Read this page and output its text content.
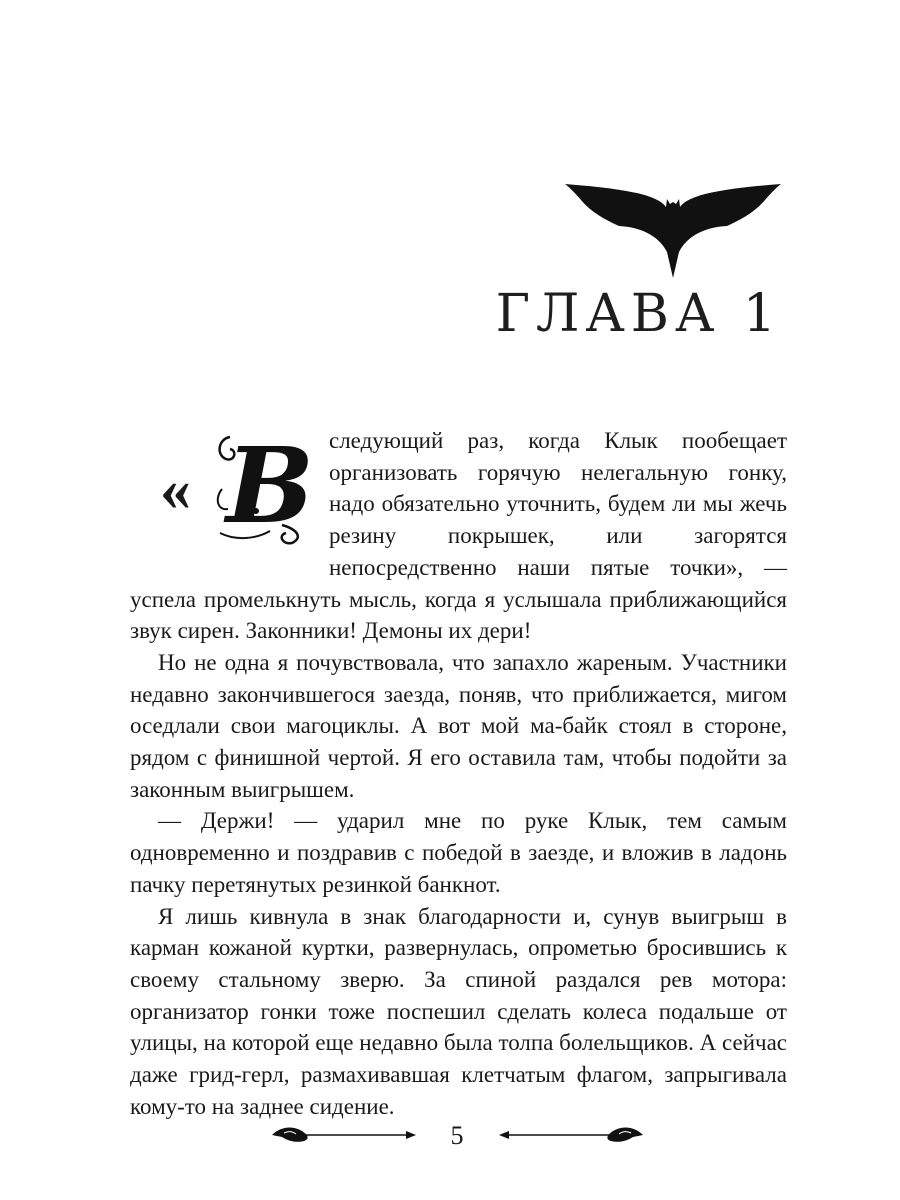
ГЛАВА 1

« В следующий раз, когда Клык пообещает организовать горячую нелегальную гонку, надо обязательно уточнить, будем ли мы жечь резину покрышек, или загорятся непосредственно наши пятые точки», — успела промелькнуть мысль, когда я услышала приближающийся звук сирен. Законники! Демоны их дери!

Но не одна я почувствовала, что запахло жареным. Участники недавно закончившегося заезда, поняв, что приближается, мигом оседлали свои магоциклы. А вот мой ма-байк стоял в стороне, рядом с финишной чертой. Я его оставила там, чтобы подойти за законным выигрышем.

— Держи! — ударил мне по руке Клык, тем самым одновременно и поздравив с победой в заезде, и вложив в ладонь пачку перетянутых резинкой банкнот.

Я лишь кивнула в знак благодарности и, сунув выигрыш в карман кожаной куртки, развернулась, опрометью бросившись к своему стальному зверю. За спиной раздался рев мотора: организатор гонки тоже поспешил сделать колеса подальше от улицы, на которой еще недавно была толпа болельщиков. А сейчас даже грид-герл, размахивавшая клетчатым флагом, запрыгивала кому-то на заднее сидение.

5
